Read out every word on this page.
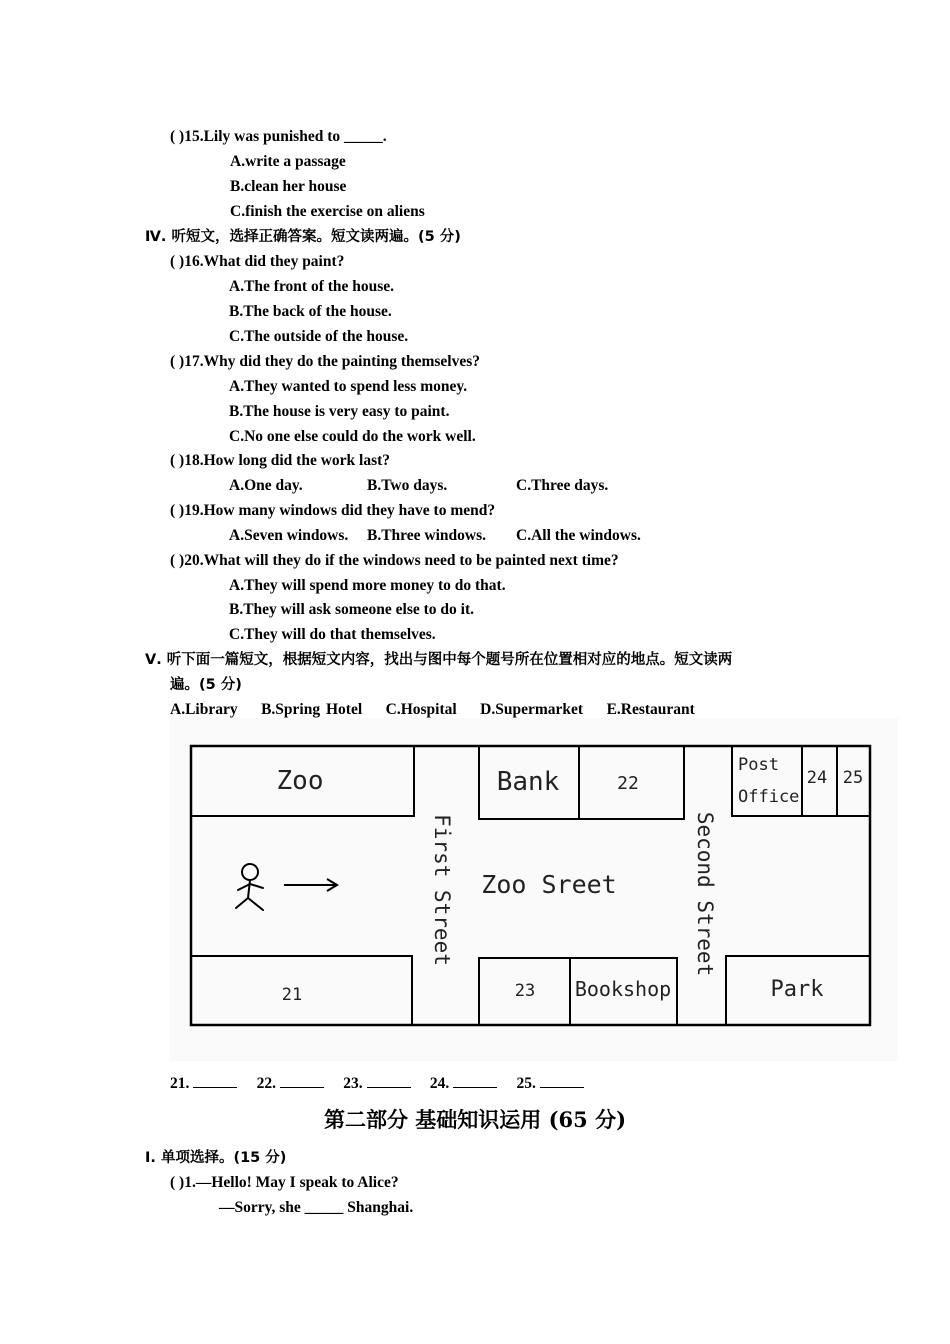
( )15.Lily was punished to _____.
A.write a passage
B.clean her house
C.finish the exercise on aliens
Ⅳ. 听短文，选择正确答案。短文读两遍。(5 分)
( )16.What did they paint?
A.The front of the house.
B.The back of the house.
C.The outside of the house.
( )17.Why did they do the painting themselves?
A.They wanted to spend less money.
B.The house is very easy to paint.
C.No one else could do the work well.
( )18.How long did the work last?
A.One day.	B.Two days.	C.Three days.
( )19.How many windows did they have to mend?
A.Seven windows. B.Three windows. C.All the windows.
( )20.What will they do if the windows need to be painted next time?
A.They will spend more money to do that.
B.They will ask someone else to do it.
C.They will do that themselves.
Ⅴ. 听下面一篇短文，根据短文内容，找出与图中每个题号所在位置相对应的地点。短文读两
遍。(5 分)
A.Library    B.Spring Hotel    C.Hospital    D.Supermarket    E.Restaurant
Zoo	Bank	22
Post
Office
24 25
21	23 Bookshop	Park
Zoo Sreet
First Street	Second Street
21.	22.	23.	24.	25.
第二部分 基础知识运用 (65 分)
Ⅰ. 单项选择。(15 分)
( )1.—Hello! May I speak to Alice?
—Sorry, she _____ Shanghai.
